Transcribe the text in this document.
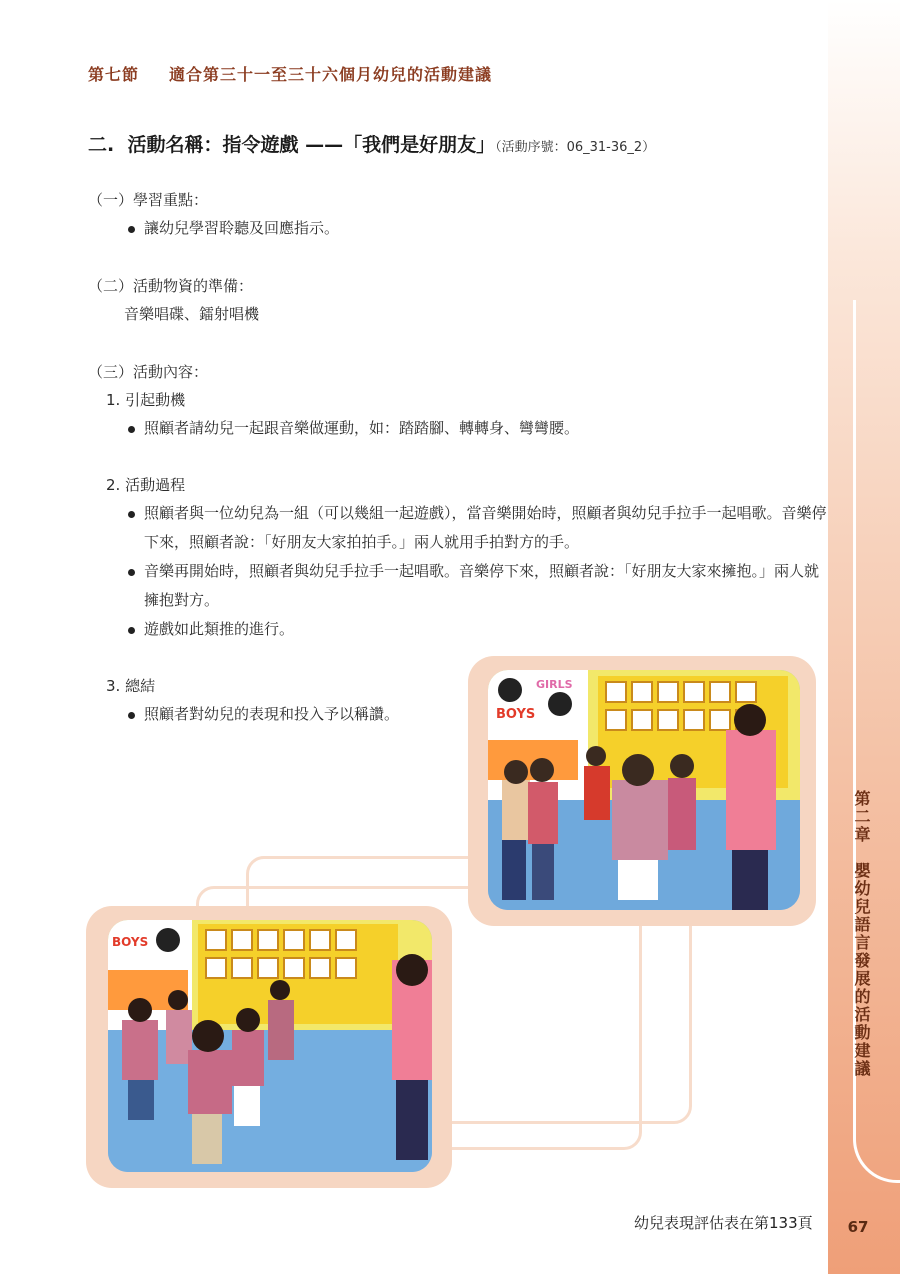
第七節 適合第三十一至三十六個月幼兒的活動建議
二. 活動名稱：指令遊戲 ——「我們是好朋友」（活動序號：06_31-36_2）
（一）學習重點：
讓幼兒學習聆聽及回應指示。
（二）活動物資的準備：
音樂唱碟、鐳射唱機
（三）活動內容：
1. 引起動機
照顧者請幼兒一起跟音樂做運動，如：踏踏腳、轉轉身、彎彎腰。
2. 活動過程
照顧者與一位幼兒為一組（可以幾組一起遊戲），當音樂開始時，照顧者與幼兒手拉手一起唱歌。音樂停下來，照顧者說：「好朋友大家拍拍手。」兩人就用手拍對方的手。
音樂再開始時，照顧者與幼兒手拉手一起唱歌。音樂停下來，照顧者說：「好朋友大家來擁抱。」兩人就擁抱對方。
遊戲如此類推的進行。
3. 總結
照顧者對幼兒的表現和投入予以稱讚。	BOYS
GIRLS
BOYS	第二章　嬰幼兒語言發展的活動建議
幼兒表現評估表在第133頁	67
